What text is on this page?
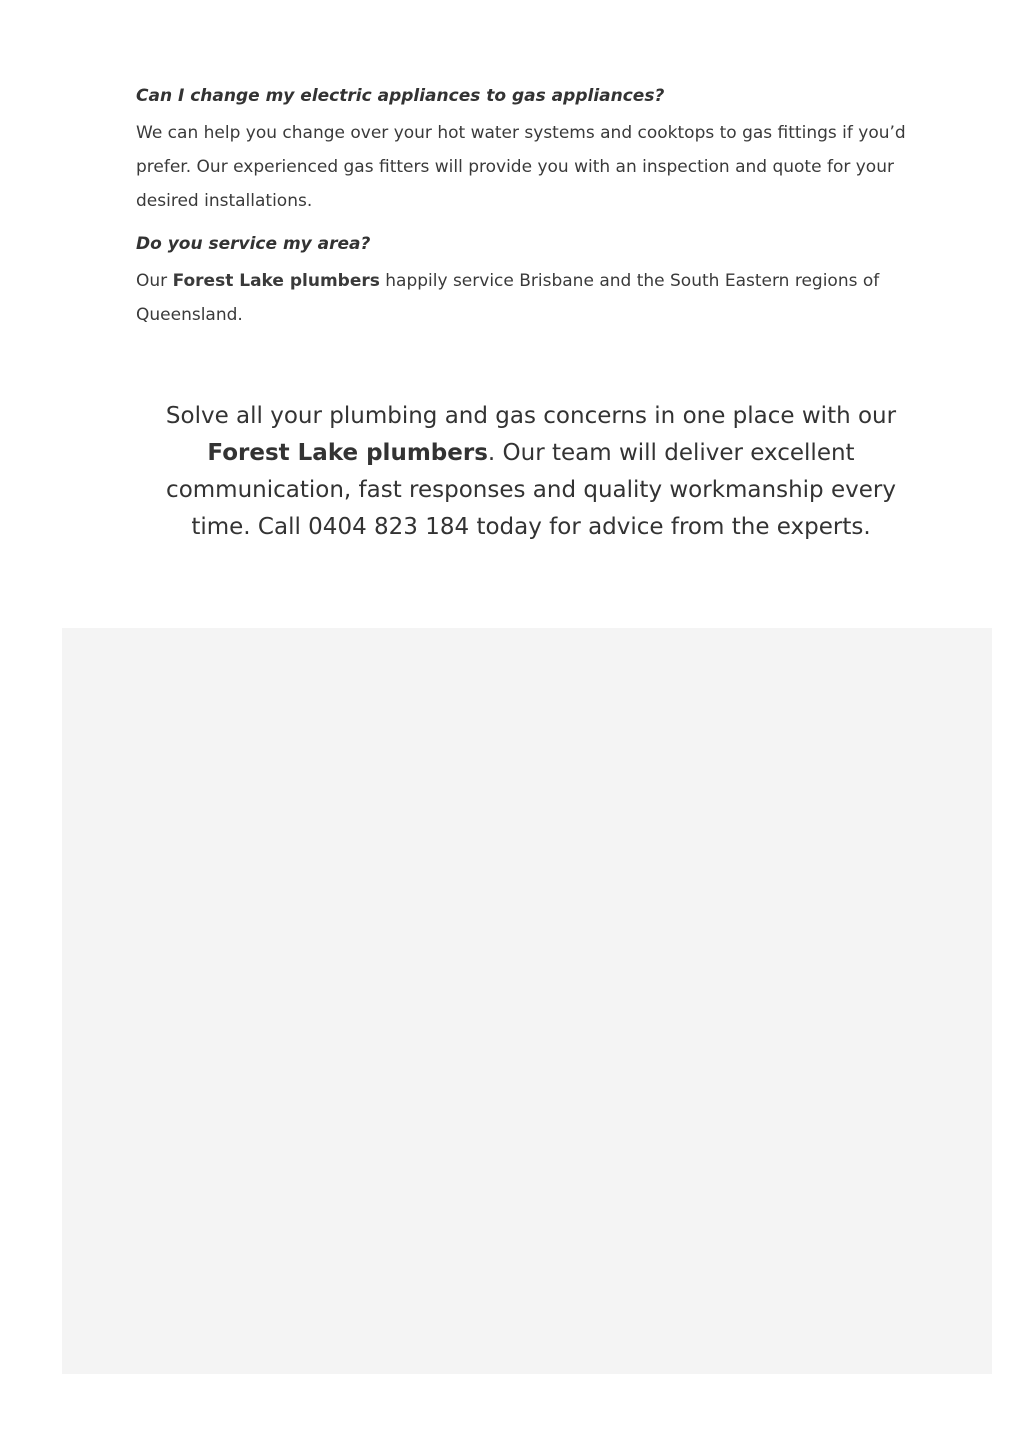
Can I change my electric appliances to gas appliances?

We can help you change over your hot water systems and cooktops to gas fittings if you’d prefer. Our experienced gas fitters will provide you with an inspection and quote for your desired installations.

Do you service my area?

Our Forest Lake plumbers happily service Brisbane and the South Eastern regions of Queensland.

Solve all your plumbing and gas concerns in one place with our Forest Lake plumbers. Our team will deliver excellent communication, fast responses and quality workmanship every time. Call 0404 823 184 today for advice from the experts.
